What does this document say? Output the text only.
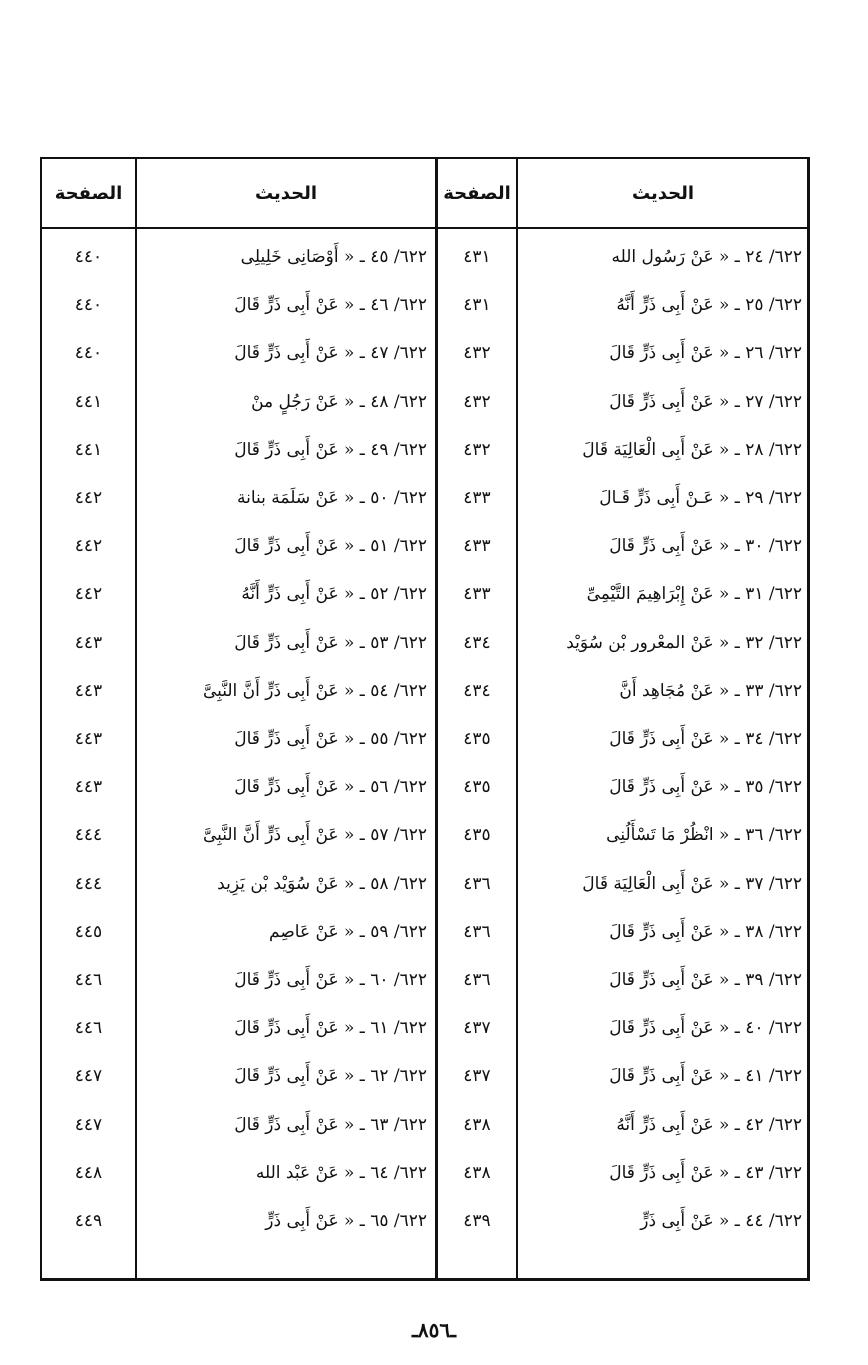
الحديث
الصفحة
الحديث
الصفحة
٦٢٢/ ٢٤ ـ « عَنْ رَسُول الله
٤٣١
٦٢٢/ ٤٥ ـ « أَوْصَانِى خَلِيلِى
٤٤٠
٦٢٢/ ٢٥ ـ « عَنْ أَبِى ذَرٍّ أَنَّهُ
٤٣١
٦٢٢/ ٤٦ ـ « عَنْ أَبِى ذَرٍّ قَالَ
٤٤٠
٦٢٢/ ٢٦ ـ « عَنْ أَبِى ذَرٍّ قَالَ
٤٣٢
٦٢٢/ ٤٧ ـ « عَنْ أَبِى ذَرٍّ قَالَ
٤٤٠
٦٢٢/ ٢٧ ـ « عَنْ أَبِى ذَرٍّ قَالَ
٤٣٢
٦٢٢/ ٤٨ ـ « عَنْ رَجُلٍ منْ
٤٤١
٦٢٢/ ٢٨ ـ « عَنْ أَبِى الْعَالِيَة قَالَ
٤٣٢
٦٢٢/ ٤٩ ـ « عَنْ أَبِى ذَرٍّ قَالَ
٤٤١
٦٢٢/ ٢٩ ـ « عَـنْ أَبِى ذَرٍّ قَـالَ
٤٣٣
٦٢٢/ ٥٠ ـ « عَنْ سَلَمَة بنانة
٤٤٢
٦٢٢/ ٣٠ ـ « عَنْ أَبِى ذَرٍّ قَالَ
٤٣٣
٦٢٢/ ٥١ ـ « عَنْ أَبِى ذَرٍّ قَالَ
٤٤٢
٦٢٢/ ٣١ ـ « عَنْ إِبْرَاهِيمَ التَّيْمِىِّ
٤٣٣
٦٢٢/ ٥٢ ـ « عَنْ أَبِى ذَرٍّ أَنَّهُ
٤٤٢
٦٢٢/ ٣٢ ـ « عَنْ المعْرور بْن سُوَيْد
٤٣٤
٦٢٢/ ٥٣ ـ « عَنْ أَبِى ذَرٍّ قَالَ
٤٤٣
٦٢٢/ ٣٣ ـ « عَنْ مُجَاهِد أَنَّ
٤٣٤
٦٢٢/ ٥٤ ـ « عَنْ أَبِى ذَرٍّ أَنَّ النَّبِىَّ
٤٤٣
٦٢٢/ ٣٤ ـ « عَنْ أَبِى ذَرٍّ قَالَ
٤٣٥
٦٢٢/ ٥٥ ـ « عَنْ أَبِى ذَرٍّ قَالَ
٤٤٣
٦٢٢/ ٣٥ ـ « عَنْ أَبِى ذَرٍّ قَالَ
٤٣٥
٦٢٢/ ٥٦ ـ « عَنْ أَبِى ذَرٍّ قَالَ
٤٤٣
٦٢٢/ ٣٦ ـ « انْظُرْ مَا تَسْأَلُنِى
٤٣٥
٦٢٢/ ٥٧ ـ « عَنْ أَبِى ذَرٍّ أَنَّ النَّبِىَّ
٤٤٤
٦٢٢/ ٣٧ ـ « عَنْ أَبِى الْعَالِيَة قَالَ
٤٣٦
٦٢٢/ ٥٨ ـ « عَنْ سُوَيْد بْن يَزِيد
٤٤٤
٦٢٢/ ٣٨ ـ « عَنْ أَبِى ذَرٍّ قَالَ
٤٣٦
٦٢٢/ ٥٩ ـ « عَنْ عَاصِم
٤٤٥
٦٢٢/ ٣٩ ـ « عَنْ أَبِى ذَرٍّ قَالَ
٤٣٦
٦٢٢/ ٦٠ ـ « عَنْ أَبِى ذَرٍّ قَالَ
٤٤٦
٦٢٢/ ٤٠ ـ « عَنْ أَبِى ذَرٍّ قَالَ
٤٣٧
٦٢٢/ ٦١ ـ « عَنْ أَبِى ذَرٍّ قَالَ
٤٤٦
٦٢٢/ ٤١ ـ « عَنْ أَبِى ذَرٍّ قَالَ
٤٣٧
٦٢٢/ ٦٢ ـ « عَنْ أَبِى ذَرٍّ قَالَ
٤٤٧
٦٢٢/ ٤٢ ـ « عَنْ أَبِى ذَرٍّ أَنَّهُ
٤٣٨
٦٢٢/ ٦٣ ـ « عَنْ أَبِى ذَرٍّ قَالَ
٤٤٧
٦٢٢/ ٤٣ ـ « عَنْ أَبِى ذَرٍّ قَالَ
٤٣٨
٦٢٢/ ٦٤ ـ « عَنْ عَبْد الله
٤٤٨
٦٢٢/ ٤٤ ـ « عَنْ أَبِى ذَرٍّ
٤٣٩
٦٢٢/ ٦٥ ـ « عَنْ أَبِى ذَرٍّ
٤٤٩
ـ٨٥٦ـ
